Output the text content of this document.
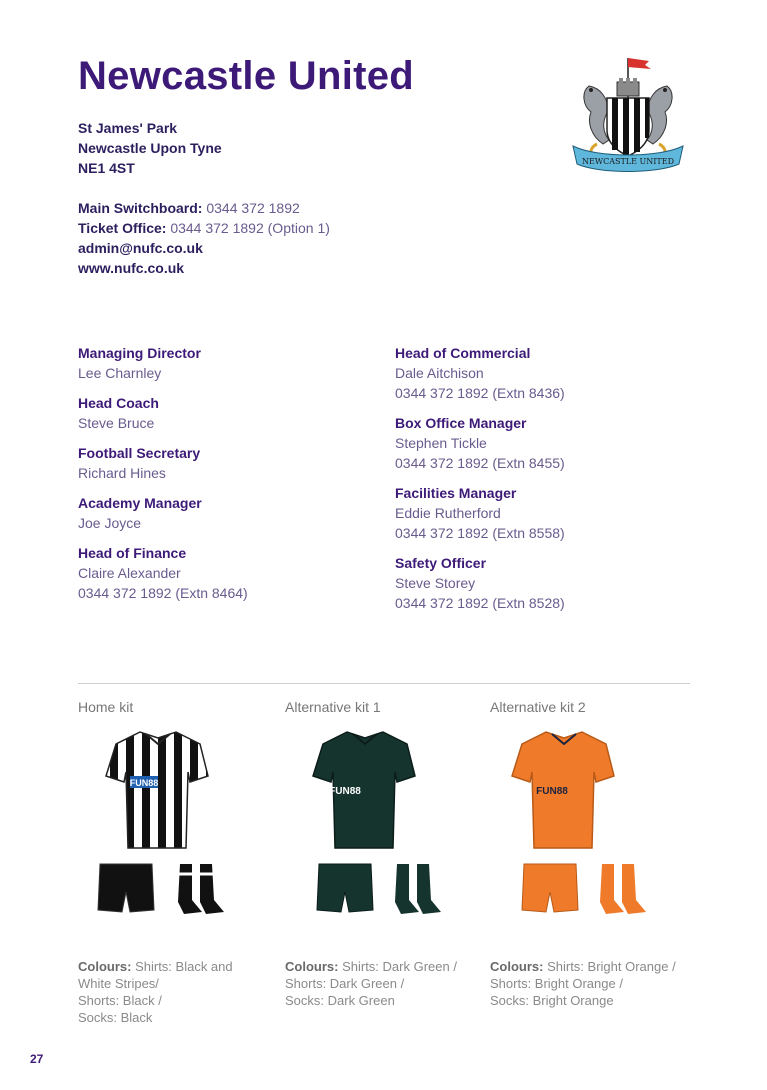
Newcastle United
St James' Park
Newcastle Upon Tyne
NE1 4ST
Main Switchboard: 0344 372 1892
Ticket Office: 0344 372 1892 (Option 1)
admin@nufc.co.uk
www.nufc.co.uk
NEWCASTLE UNITED
Managing Director
Lee Charnley
Head Coach
Steve Bruce
Football Secretary
Richard Hines
Academy Manager
Joe Joyce
Head of Finance
Claire Alexander
0344 372 1892 (Extn 8464)
Head of Commercial
Dale Aitchison
0344 372 1892 (Extn 8436)
Box Office Manager
Stephen Tickle
0344 372 1892 (Extn 8455)
Facilities Manager
Eddie Rutherford
0344 372 1892 (Extn 8558)
Safety Officer
Steve Storey
0344 372 1892 (Extn 8528)
Home kit
FUN88
Colours: Shirts: Black and
White Stripes/
Shorts: Black /
Socks: Black
Alternative kit 1
FUN88
Colours: Shirts: Dark Green /
Shorts: Dark Green /
Socks: Dark Green
Alternative kit 2
FUN88
Colours: Shirts: Bright Orange /
Shorts: Bright Orange /
Socks: Bright Orange
27
